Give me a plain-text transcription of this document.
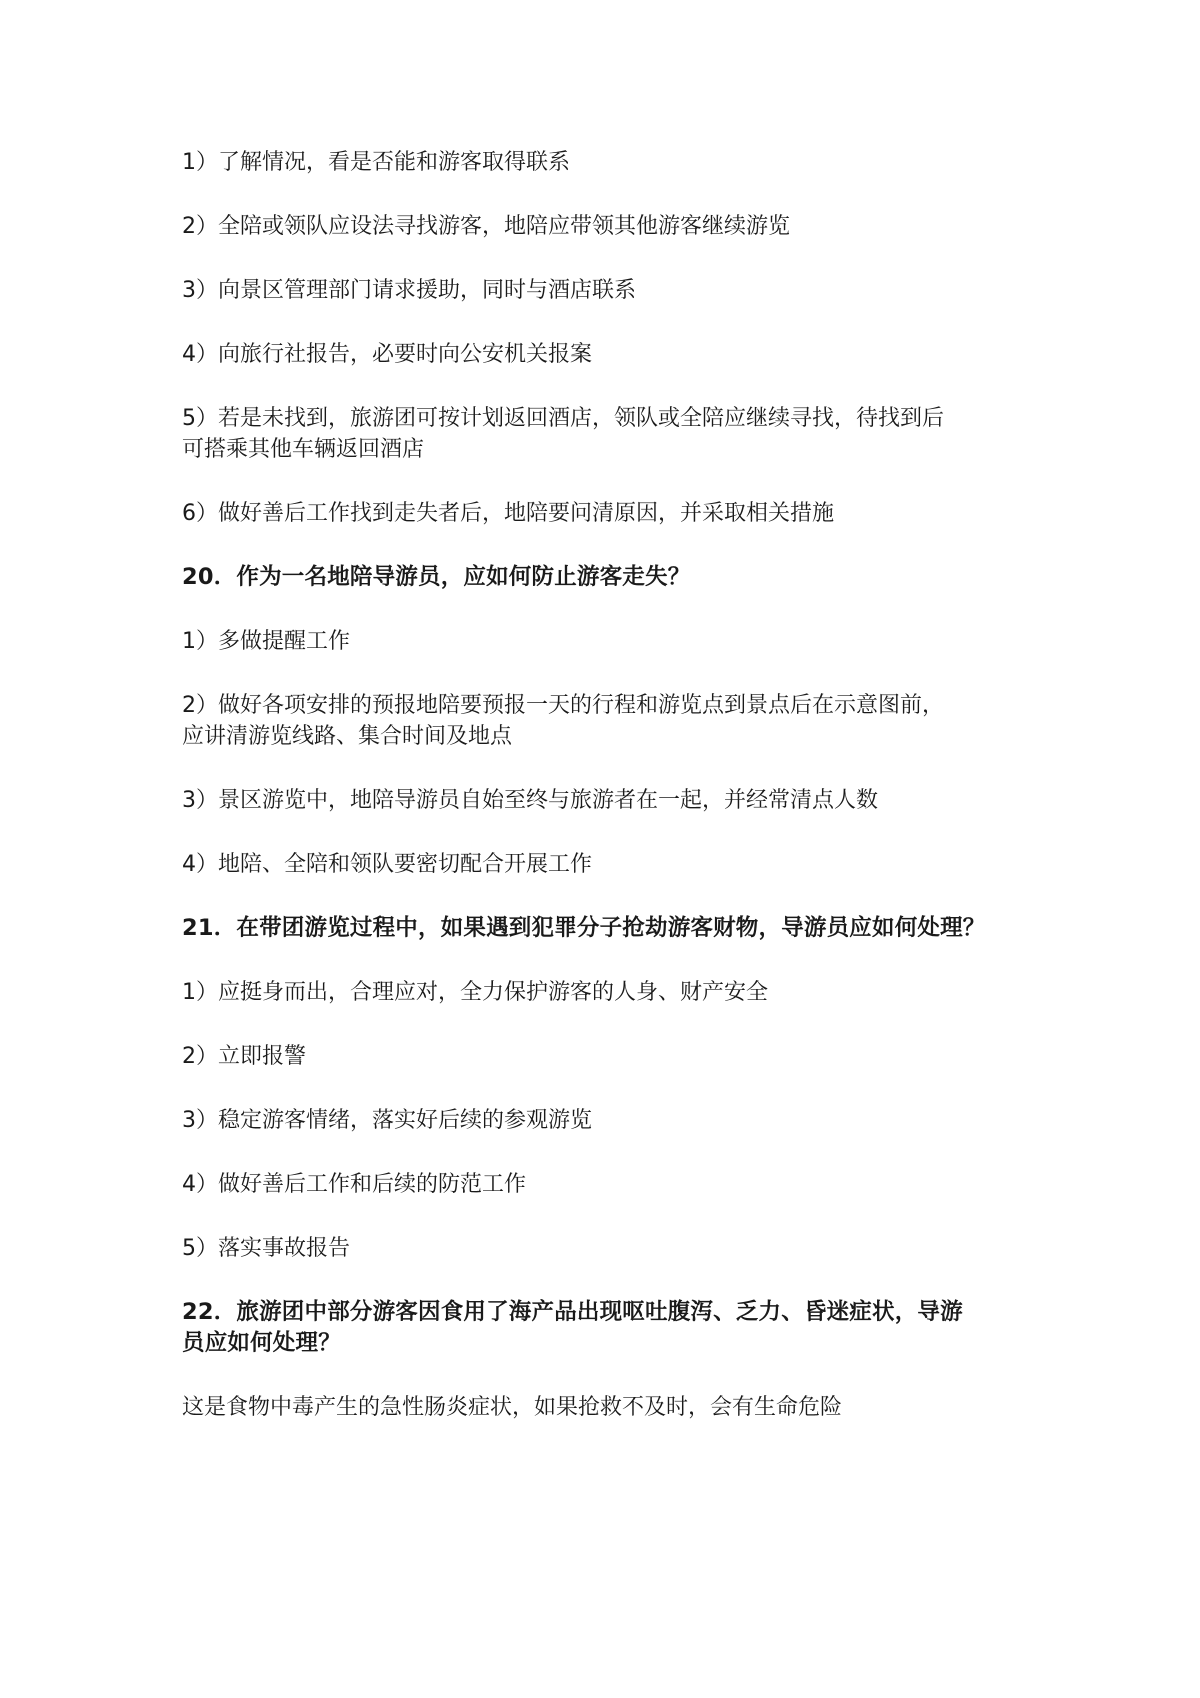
1）了解情况，看是否能和游客取得联系
2）全陪或领队应设法寻找游客，地陪应带领其他游客继续游览
3）向景区管理部门请求援助，同时与酒店联系
4）向旅行社报告，必要时向公安机关报案
5）若是未找到，旅游团可按计划返回酒店，领队或全陪应继续寻找，待找到后
可搭乘其他车辆返回酒店
6）做好善后工作找到走失者后，地陪要问清原因，并采取相关措施
20．作为一名地陪导游员，应如何防止游客走失？
1）多做提醒工作
2）做好各项安排的预报地陪要预报一天的行程和游览点到景点后在示意图前，
应讲清游览线路、集合时间及地点
3）景区游览中，地陪导游员自始至终与旅游者在一起，并经常清点人数
4）地陪、全陪和领队要密切配合开展工作
21．在带团游览过程中，如果遇到犯罪分子抢劫游客财物，导游员应如何处理？
1）应挺身而出，合理应对，全力保护游客的人身、财产安全
2）立即报警
3）稳定游客情绪，落实好后续的参观游览
4）做好善后工作和后续的防范工作
5）落实事故报告
22．旅游团中部分游客因食用了海产品出现呕吐腹泻、乏力、昏迷症状，导游
员应如何处理？
这是食物中毒产生的急性肠炎症状，如果抢救不及时，会有生命危险
